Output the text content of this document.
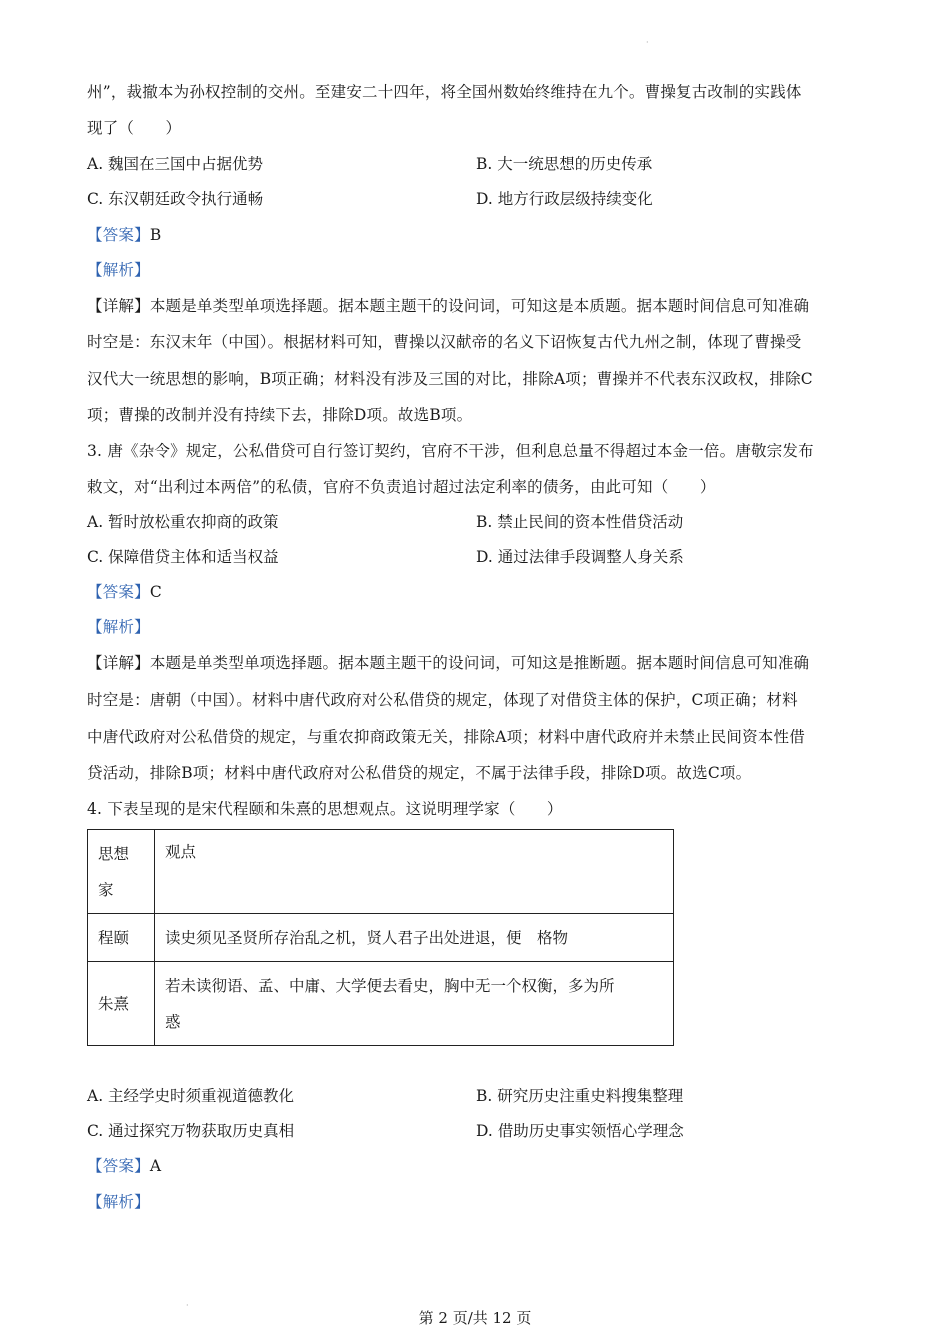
·
州”，裁撤本为孙权控制的交州。至建安二十四年，将全国州数始终维持在九个。曹操复古改制的实践体
现了（　　）
A. 魏国在三国中占据优势	B. 大一统思想的历史传承
C. 东汉朝廷政令执行通畅	D. 地方行政层级持续变化
【答案】B
【解析】
【详解】本题是单类型单项选择题。据本题主题干的设问词，可知这是本质题。据本题时间信息可知准确
时空是：东汉末年（中国）。根据材料可知，曹操以汉献帝的名义下诏恢复古代九州之制，体现了曹操受
汉代大一统思想的影响，B项正确；材料没有涉及三国的对比，排除A项；曹操并不代表东汉政权，排除C
项；曹操的改制并没有持续下去，排除D项。故选B项。
3. 唐《杂令》规定，公私借贷可自行签订契约，官府不干涉，但利息总量不得超过本金一倍。唐敬宗发布
敕文，对“出利过本两倍”的私债，官府不负责追讨超过法定利率的债务，由此可知（　　）
A. 暂时放松重农抑商的政策	B. 禁止民间的资本性借贷活动
C. 保障借贷主体和适当权益	D. 通过法律手段调整人身关系
【答案】C
【解析】
【详解】本题是单类型单项选择题。据本题主题干的设问词，可知这是推断题。据本题时间信息可知准确
时空是：唐朝（中国）。材料中唐代政府对公私借贷的规定，体现了对借贷主体的保护，C项正确；材料
中唐代政府对公私借贷的规定，与重农抑商政策无关，排除A项；材料中唐代政府并未禁止民间资本性借
贷活动，排除B项；材料中唐代政府对公私借贷的规定，不属于法律手段，排除D项。故选C项。
4. 下表呈现的是宋代程颐和朱熹的思想观点。这说明理学家（　　）
思想
家	观点
程颐	读史须见圣贤所存治乱之机，贤人君子出处进退，便　格物
朱熹	若未读彻语、孟、中庸、大学便去看史，胸中无一个权衡，多为所
惑
A. 主经学史时须重视道德教化	B. 研究历史注重史料搜集整理
C. 通过探究万物获取历史真相	D. 借助历史事实领悟心学理念
【答案】A
【解析】
·
第 2 页/共 12 页
